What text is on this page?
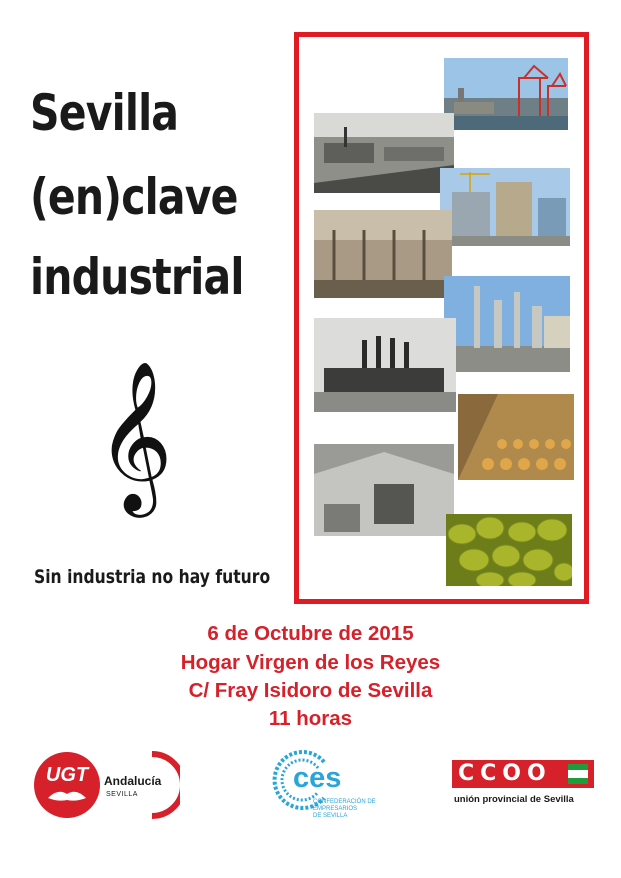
Sevilla
(en)clave
industrial
𝄞
Sin industria no hay futuro
6 de Octubre de 2015
Hogar Virgen de los Reyes
C/ Fray Isidoro de Sevilla
11 horas
UGT	Andalucía
SEVILLA
ces
CONFEDERACIÓN DE
EMPRESARIOS
DE SEVILLA
CCOO
unión provincial de Sevilla
